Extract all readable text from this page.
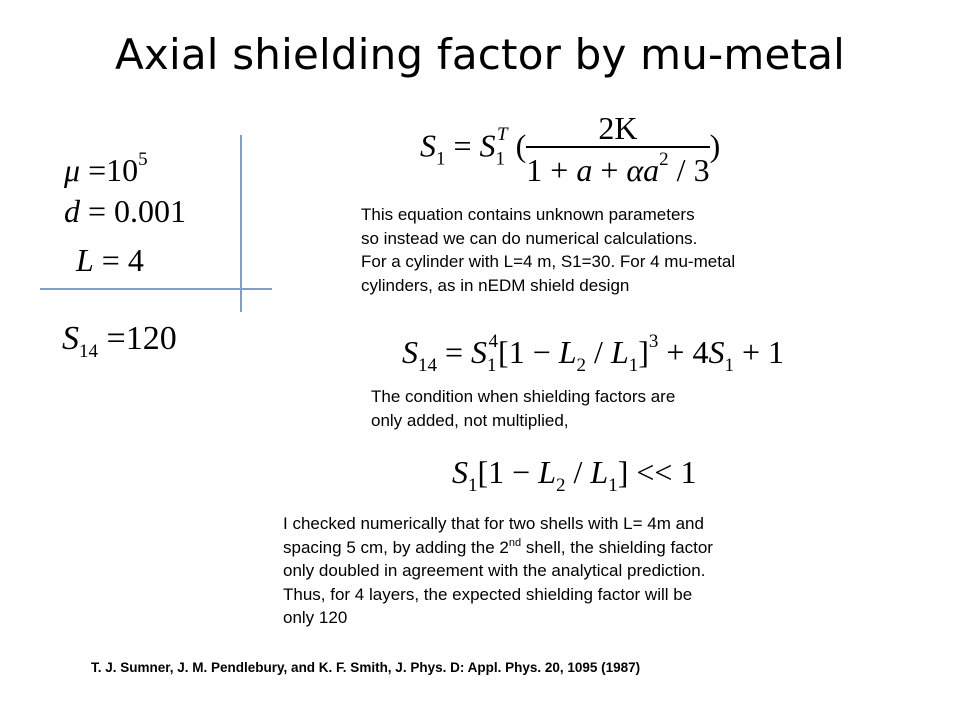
Axial shielding factor by mu-metal
$\mu =10^5$
d = 0.001
L = 4
$S_{14} =120$
$S_1 = S_1^T$ ( $\frac{2K}{1 + a + \alpha a^2 / 3}$ )
This equation contains unknown parameters
so instead we can do numerical calculations.
For a cylinder with L=4 m, S1=30. For 4 mu-metal
cylinders, as in nEDM shield design
$S_{14} = S_1^4[1 - L_2 / L_1]^3 + 4S_1 + 1$
The condition when shielding factors are
only added, not multiplied,
$S_1[1 - L_2 / L_1] << 1$
I checked numerically that for two shells with L= 4m and
spacing 5 cm, by adding the 2nd shell, the shielding factor
only doubled in agreement with the analytical prediction.
Thus, for 4 layers, the expected shielding factor will be
only 120
T. J. Sumner, J. M. Pendlebury, and K. F. Smith, J. Phys. D: Appl. Phys. 20, 1095 (1987)
